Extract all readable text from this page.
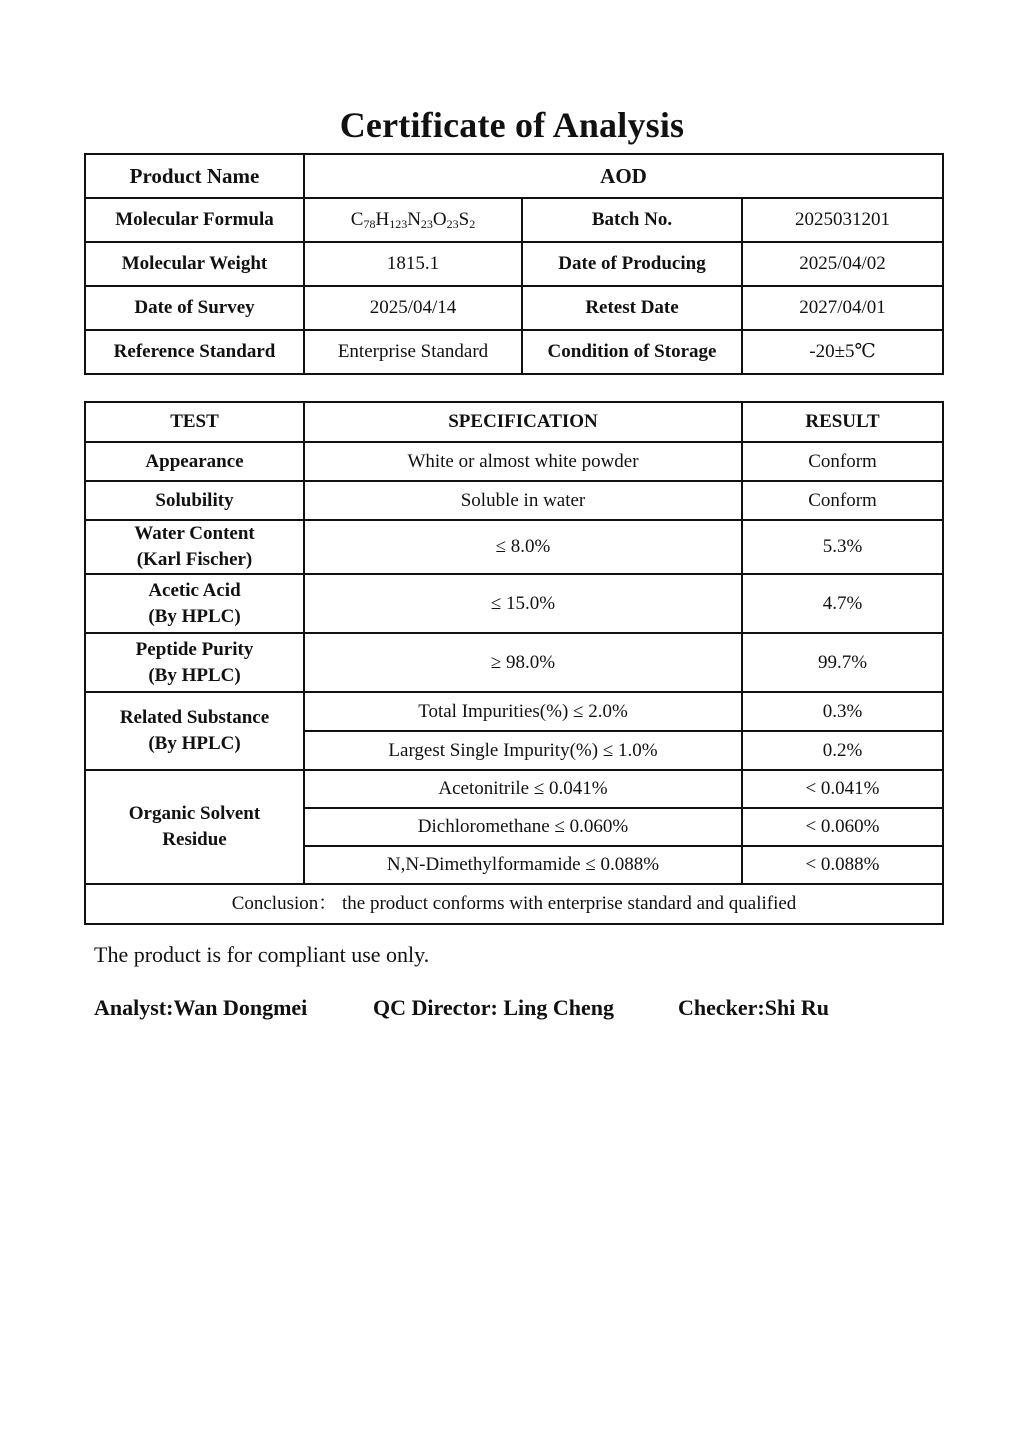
Certificate of Analysis
Product Name	AOD		
Molecular Formula	$C_{78}H_{123}N_{23}O_{23}S_2$	Batch No.	2025031201
Molecular Weight	1815.1	Date of Producing	2025/04/02
Date of Survey	2025/04/14	Retest Date	2027/04/01
Reference Standard	Enterprise Standard	Condition of Storage	-20±5℃
TEST	SPECIFICATION	RESULT
Appearance	White or almost white powder	Conform
Solubility	Soluble in water	Conform

Water Content
(Karl Fischer)	≤ 8.0%	5.3%

Acetic Acid
(By HPLC)	≤ 15.0%	4.7%

Peptide Purity
(By HPLC)	≥ 98.0%	99.7%

Related Substance
(By HPLC)	Total Impurities(%) ≤ 2.0%	0.3%
	Largest Single Impurity(%) ≤ 1.0%	0.2%

Organic Solvent
Residue	Acetonitrile ≤ 0.041%	< 0.041%
	Dichloromethane ≤ 0.060%	< 0.060%
	N,N-Dimethylformamide ≤ 0.088%	< 0.088%
Conclusion： the product conforms with enterprise standard and qualified		
The product is for compliant use only.
Analyst:Wan Dongmei	QC Director: Ling Cheng	Checker:Shi Ru
